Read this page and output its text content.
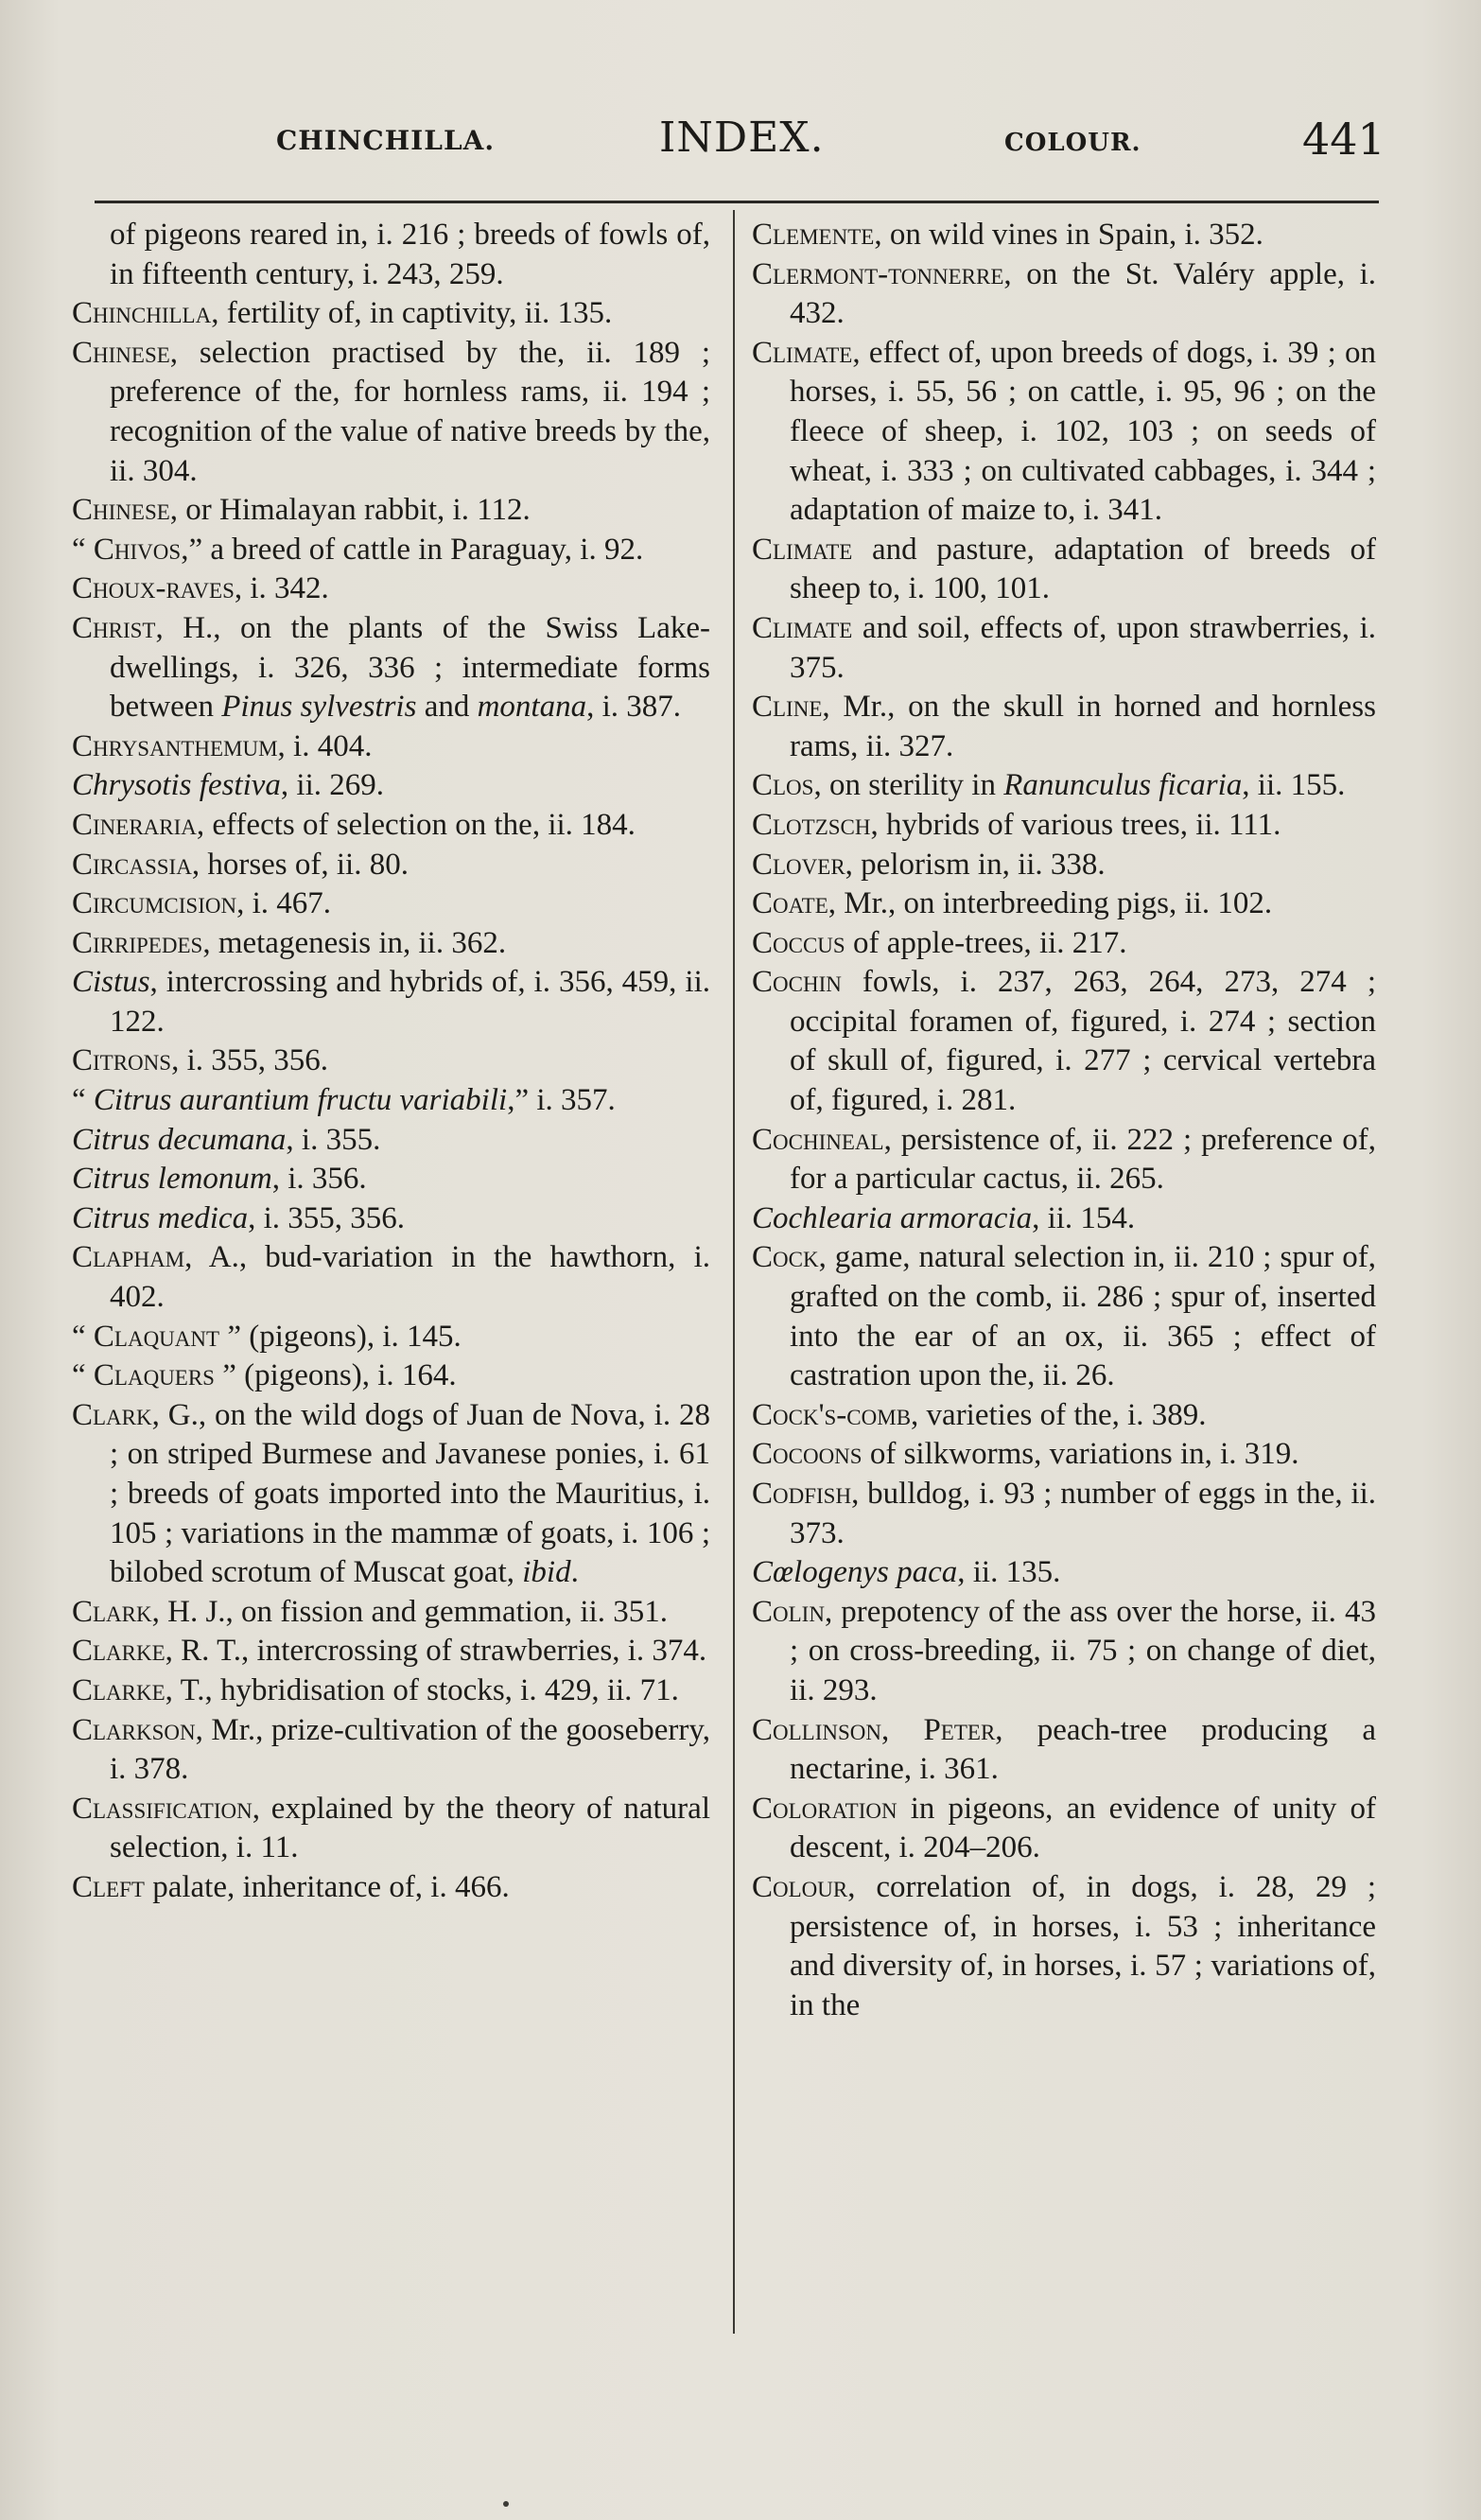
CHINCHILLA.	INDEX.	COLOUR.	441

of pigeons reared in, i. 216 ; breeds of fowls of, in fifteenth century, i. 243, 259.

Chinchilla, fertility of, in captivity, ii. 135.

Chinese, selection practised by the, ii. 189 ; preference of the, for hornless rams, ii. 194 ; recognition of the value of native breeds by the, ii. 304.

Chinese, or Himalayan rabbit, i. 112.

“ Chivos,” a breed of cattle in Paraguay, i. 92.

Choux-raves, i. 342.

Christ, H., on the plants of the Swiss Lake-dwellings, i. 326, 336 ; intermediate forms between Pinus sylvestris and montana, i. 387.

Chrysanthemum, i. 404.

Chrysotis festiva, ii. 269.

Cineraria, effects of selection on the, ii. 184.

Circassia, horses of, ii. 80.

Circumcision, i. 467.

Cirripedes, metagenesis in, ii. 362.

Cistus, intercrossing and hybrids of, i. 356, 459, ii. 122.

Citrons, i. 355, 356.

“ Citrus aurantium fructu variabili,” i. 357.

Citrus decumana, i. 355.

Citrus lemonum, i. 356.

Citrus medica, i. 355, 356.

Clapham, A., bud-variation in the hawthorn, i. 402.

“ Claquant ” (pigeons), i. 145.

“ Claquers ” (pigeons), i. 164.

Clark, G., on the wild dogs of Juan de Nova, i. 28 ; on striped Burmese and Javanese ponies, i. 61 ; breeds of goats imported into the Mauritius, i. 105 ; variations in the mammæ of goats, i. 106 ; bilobed scrotum of Muscat goat, ibid.

Clark, H. J., on fission and gemmation, ii. 351.

Clarke, R. T., intercrossing of strawberries, i. 374.

Clarke, T., hybridisation of stocks, i. 429, ii. 71.

Clarkson, Mr., prize-cultivation of the gooseberry, i. 378.

Classification, explained by the theory of natural selection, i. 11.

Cleft palate, inheritance of, i. 466.

Clemente, on wild vines in Spain, i. 352.

Clermont-tonnerre, on the St. Valéry apple, i. 432.

Climate, effect of, upon breeds of dogs, i. 39 ; on horses, i. 55, 56 ; on cattle, i. 95, 96 ; on the fleece of sheep, i. 102, 103 ; on seeds of wheat, i. 333 ; on cultivated cabbages, i. 344 ; adaptation of maize to, i. 341.

Climate and pasture, adaptation of breeds of sheep to, i. 100, 101.

Climate and soil, effects of, upon strawberries, i. 375.

Cline, Mr., on the skull in horned and hornless rams, ii. 327.

Clos, on sterility in Ranunculus ficaria, ii. 155.

Clotzsch, hybrids of various trees, ii. 111.

Clover, pelorism in, ii. 338.

Coate, Mr., on interbreeding pigs, ii. 102.

Coccus of apple-trees, ii. 217.

Cochin fowls, i. 237, 263, 264, 273, 274 ; occipital foramen of, figured, i. 274 ; section of skull of, figured, i. 277 ; cervical vertebra of, figured, i. 281.

Cochineal, persistence of, ii. 222 ; preference of, for a particular cactus, ii. 265.

Cochlearia armoracia, ii. 154.

Cock, game, natural selection in, ii. 210 ; spur of, grafted on the comb, ii. 286 ; spur of, inserted into the ear of an ox, ii. 365 ; effect of castration upon the, ii. 26.

Cock's-comb, varieties of the, i. 389.

Cocoons of silkworms, variations in, i. 319.

Codfish, bulldog, i. 93 ; number of eggs in the, ii. 373.

Cœlogenys paca, ii. 135.

Colin, prepotency of the ass over the horse, ii. 43 ; on cross-breeding, ii. 75 ; on change of diet, ii. 293.

Collinson, Peter, peach-tree producing a nectarine, i. 361.

Coloration in pigeons, an evidence of unity of descent, i. 204–206.

Colour, correlation of, in dogs, i. 28, 29 ; persistence of, in horses, i. 53 ; inheritance and diversity of, in horses, i. 57 ; variations of, in the
